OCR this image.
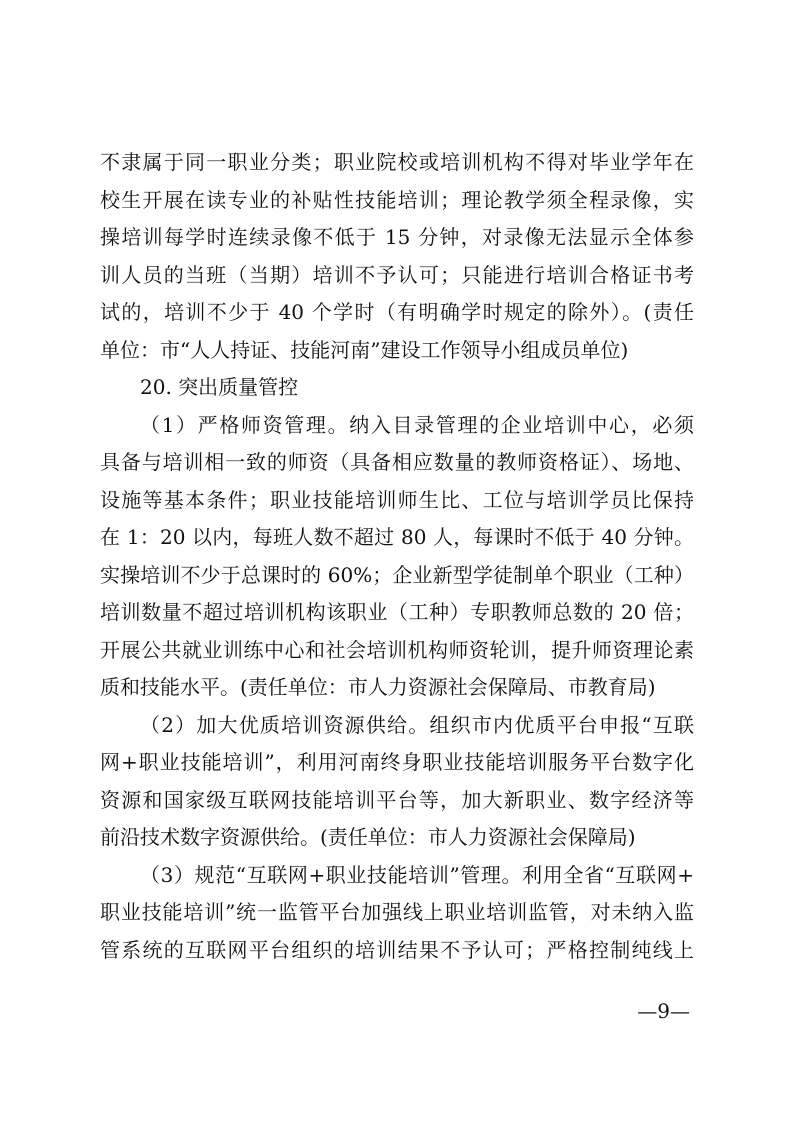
不隶属于同一职业分类；职业院校或培训机构不得对毕业学年在
校生开展在读专业的补贴性技能培训；理论教学须全程录像，实
操培训每学时连续录像不低于 15 分钟，对录像无法显示全体参
训人员的当班（当期）培训不予认可；只能进行培训合格证书考
试的，培训不少于 40 个学时（有明确学时规定的除外）。(责任
单位：市“人人持证、技能河南”建设工作领导小组成员单位)
20. 突出质量管控
（1）严格师资管理。纳入目录管理的企业培训中心，必须
具备与培训相一致的师资（具备相应数量的教师资格证）、场地、
设施等基本条件；职业技能培训师生比、工位与培训学员比保持
在 1：20 以内，每班人数不超过 80 人，每课时不低于 40 分钟。
实操培训不少于总课时的 60%；企业新型学徒制单个职业（工种）
培训数量不超过培训机构该职业（工种）专职教师总数的 20 倍；
开展公共就业训练中心和社会培训机构师资轮训，提升师资理论素
质和技能水平。(责任单位：市人力资源社会保障局、市教育局)
（2）加大优质培训资源供给。组织市内优质平台申报“互联
网+职业技能培训”，利用河南终身职业技能培训服务平台数字化
资源和国家级互联网技能培训平台等，加大新职业、数字经济等
前沿技术数字资源供给。(责任单位：市人力资源社会保障局)
（3）规范“互联网+职业技能培训”管理。利用全省“互联网+
职业技能培训”统一监管平台加强线上职业培训监管，对未纳入监
管系统的互联网平台组织的培训结果不予认可；严格控制纯线上
—9—
